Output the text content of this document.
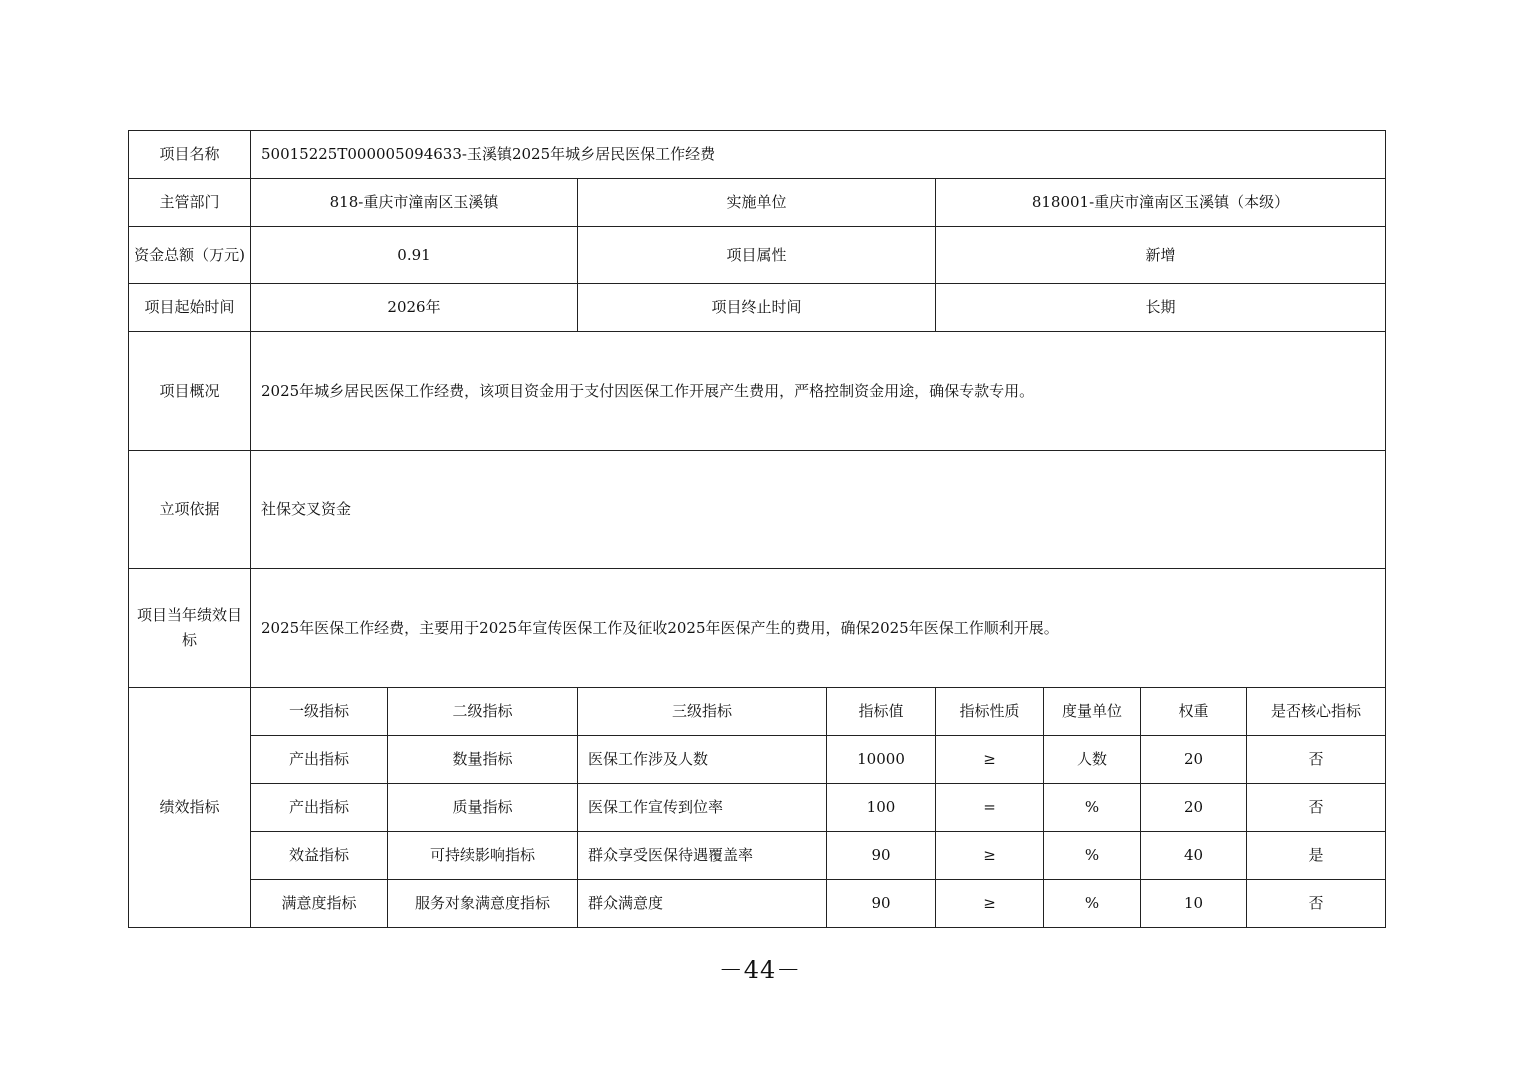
项目名称	50015225T000005094633-玉溪镇2025年城乡居民医保工作经费							
主管部门	818-重庆市潼南区玉溪镇		实施单位		818001-重庆市潼南区玉溪镇（本级）			
资金总额（万元)	0.91		项目属性		新增			
项目起始时间	2026年		项目终止时间		长期			
项目概况	2025年城乡居民医保工作经费，该项目资金用于支付因医保工作开展产生费用，严格控制资金用途，确保专款专用。							
立项依据	社保交叉资金							
项目当年绩效目标	2025年医保工作经费，主要用于2025年宣传医保工作及征收2025年医保产生的费用，确保2025年医保工作顺利开展。							
绩效指标	一级指标	二级指标	三级指标	指标值	指标性质	度量单位	权重	是否核心指标
	产出指标	数量指标	医保工作涉及人数	10000	≥	人数	20	否
	产出指标	质量指标	医保工作宣传到位率	100	=	%	20	否
	效益指标	可持续影响指标	群众享受医保待遇覆盖率	90	≥	%	40	是
	满意度指标	服务对象满意度指标	群众满意度	90	≥	%	10	否
－44－
